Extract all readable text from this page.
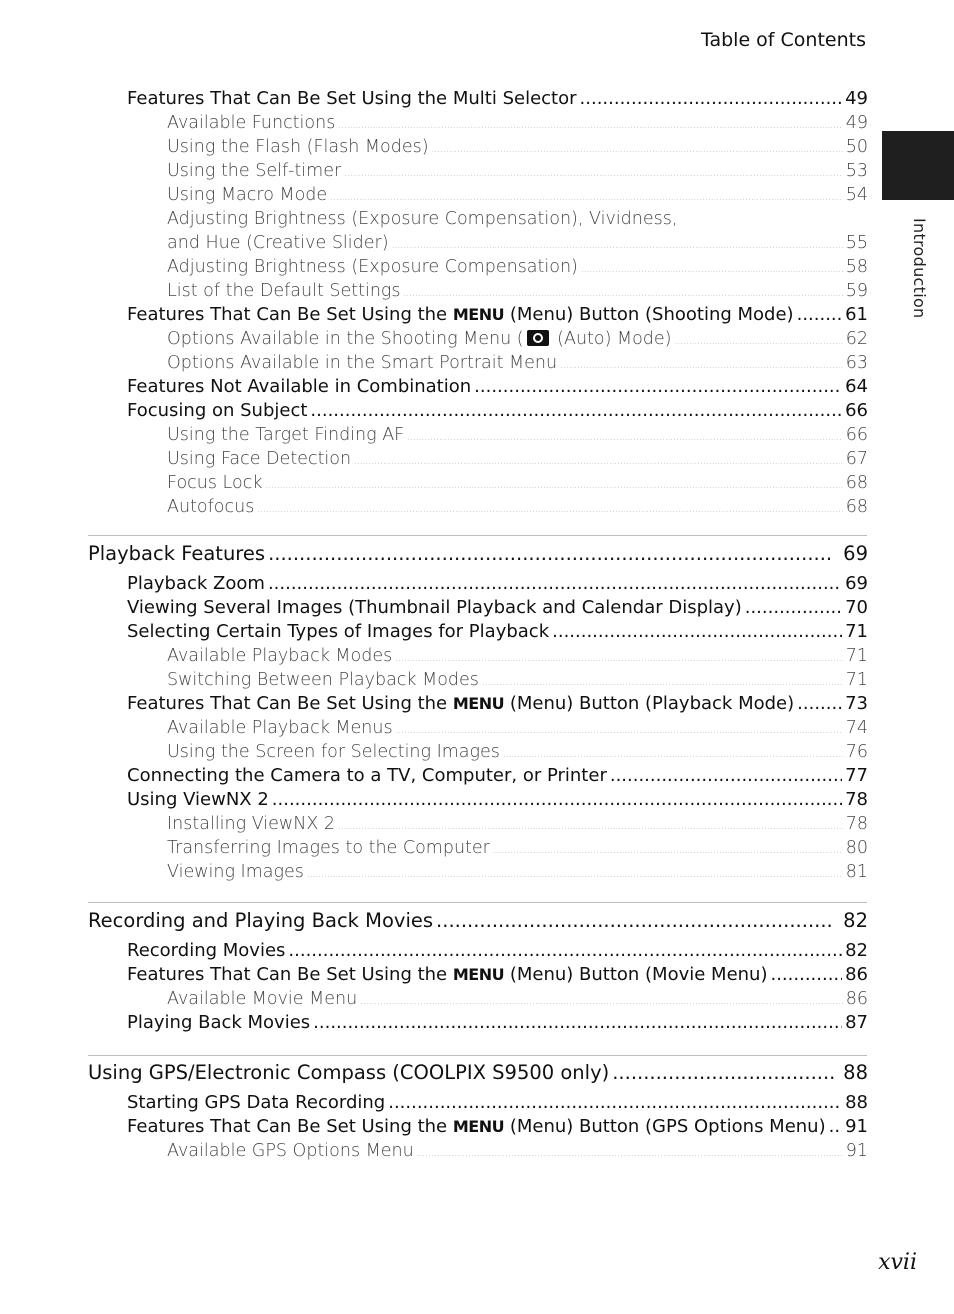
Table of Contents
Introduction
Features That Can Be Set Using the Multi Selector .....	49
Available Functions .....	49
Using the Flash (Flash Modes) .....	50
Using the Self-timer .....	53
Using Macro Mode .....	54
Adjusting Brightness (Exposure Compensation), Vividness,
and Hue (Creative Slider) .....	55
Adjusting Brightness (Exposure Compensation) .....	58
List of the Default Settings .....	59
Features That Can Be Set Using the MENU (Menu) Button (Shooting Mode) .....	61
Options Available in the Shooting Menu ( (Auto) Mode) .....	62
Options Available in the Smart Portrait Menu .....	63
Features Not Available in Combination .....	64
Focusing on Subject .....	66
Using the Target Finding AF .....	66
Using Face Detection .....	67
Focus Lock .....	68
Autofocus .....	68
Playback Features .....	69
Playback Zoom .....	69
Viewing Several Images (Thumbnail Playback and Calendar Display) .....	70
Selecting Certain Types of Images for Playback .....	71
Available Playback Modes .....	71
Switching Between Playback Modes .....	71
Features That Can Be Set Using the MENU (Menu) Button (Playback Mode) .....	73
Available Playback Menus .....	74
Using the Screen for Selecting Images .....	76
Connecting the Camera to a TV, Computer, or Printer .....	77
Using ViewNX 2 .....	78
Installing ViewNX 2 .....	78
Transferring Images to the Computer .....	80
Viewing Images .....	81
Recording and Playing Back Movies .....	82
Recording Movies .....	82
Features That Can Be Set Using the MENU (Menu) Button (Movie Menu) .....	86
Available Movie Menu .....	86
Playing Back Movies .....	87
Using GPS/Electronic Compass (COOLPIX S9500 only) .....	88
Starting GPS Data Recording .....	88
Features That Can Be Set Using the MENU (Menu) Button (GPS Options Menu) ..... 91
Available GPS Options Menu .....	91
xvii
